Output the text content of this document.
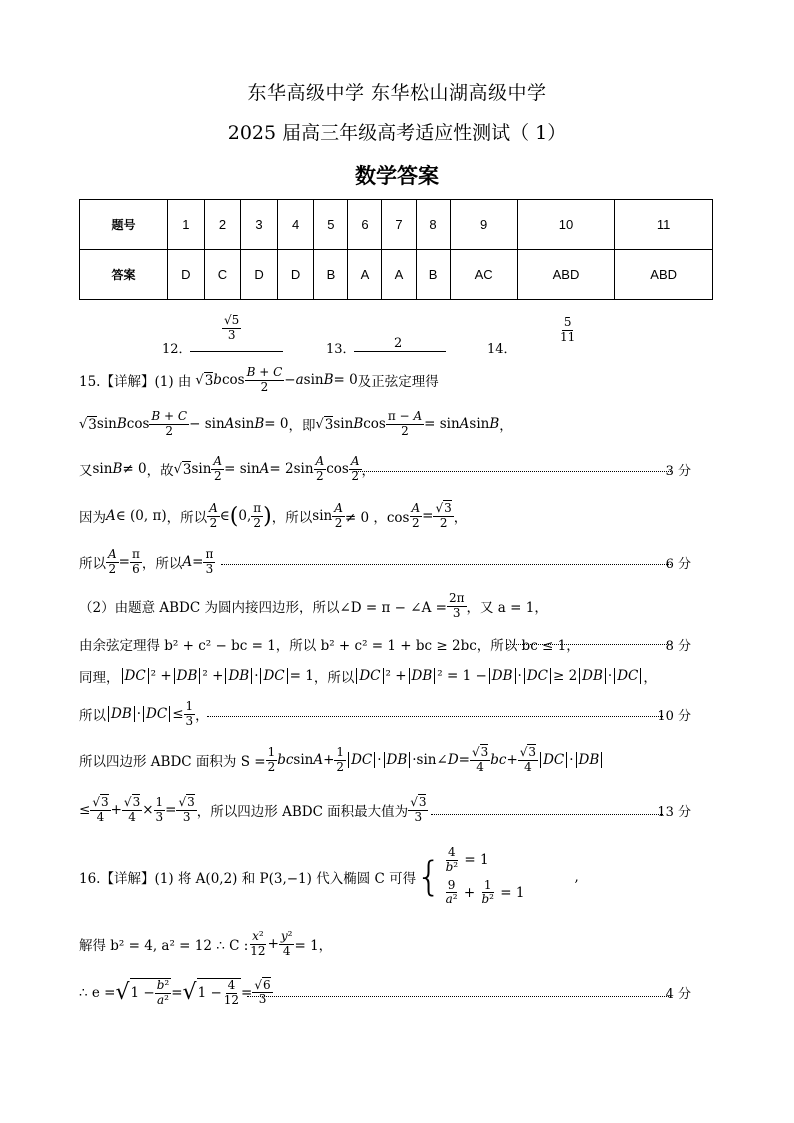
东华高级中学 东华松山湖高级中学
2025 届高三年级高考适应性测试（ 1）
数学答案
题号	1	2	3	4	5	6	7	8	9	10	11
答案	D	C	D	D	B	A	A	B	AC	ABD	ABD
12．
$\frac{√5}{3}$
13．	2	14．
$\frac{5}{11}$
15.【详解】(1) 由 √ 3 b $\cos \frac{B + C}{2} - a$ sin B = 0 及正弦定理得
√ 3 sin B $\cos \frac{B + C}{2} - \sin A$ sin B = 0 ，即 √ 3 sin B $\cos \frac{\pi - A}{2} = \sin A$ sin B ，
又 sin B ≠ 0 ，故 √ 3 $\sin \frac{A}{2} = \sin A = 2\sin \frac{A}{2}$ $\cos \frac{A}{2}$ ，	3 分
因为 A ∈ (0, π) ，所以 $\frac{A}{2}$ ∈ ( 0, $\frac{\pi}{2}$ ) ，所以 $\sin \frac{A}{2} \ne 0$ ，$\cos \frac{A}{2} = \frac{√3}{2}$ ，
所以 $\frac{A}{2} = \frac{\pi}{6}$ ，所以 $A = \frac{\pi}{3}$	6 分
（2）由题意 ABDC 为圆内接四边形，所以∠D = π − ∠A = $\frac{2\pi}{3}$ ，又 a = 1，
由余弦定理得 b² + c² − bc = 1，所以 b² + c² = 1 + bc ≥ 2bc，所以 bc ≤ 1，	8 分
同理， DC ² + DB ² + DB · DC = 1 ，所以 DC ² + DB ² = 1 − DB · DC ≥ 2 DB · DC ，
所以 DB · DC ≤ $\frac{1}{3}$ ，	10 分
所以四边形 ABDC 面积为 $S = \frac{1}{2}$ bc $\sin A + \frac{1}{2}$ DC · DB ·sin∠ $D = \frac{√3}{4}$ bc + $\frac{√3}{4}$ DC · DB
≤ $\frac{√3}{4} + \frac{√3}{4} \times \frac{1}{3} = \frac{√3}{3}$ ，所以四边形 ABDC 面积最大值为 $\frac{√3}{3}$	13 分
16.【详解】(1) 将 A(0,2) 和 P(3,−1) 代入椭圆 C 可得 { $\frac{4}{\text{b²}} = 1$
$\frac{9}{\text{a²}} + \frac{1}{\text{b²}} = 1$
,
解得 b² = 4, a² = 12 ∴ C : $\frac{\text{x²}}{12} + \frac{\text{y²}}{4} = 1$，
∴ e = √ $1 - \frac{\text{b²}}{\text{a²}}$ = √ $1 - \frac{4}{12} = \frac{√6}{3}$	4 分
